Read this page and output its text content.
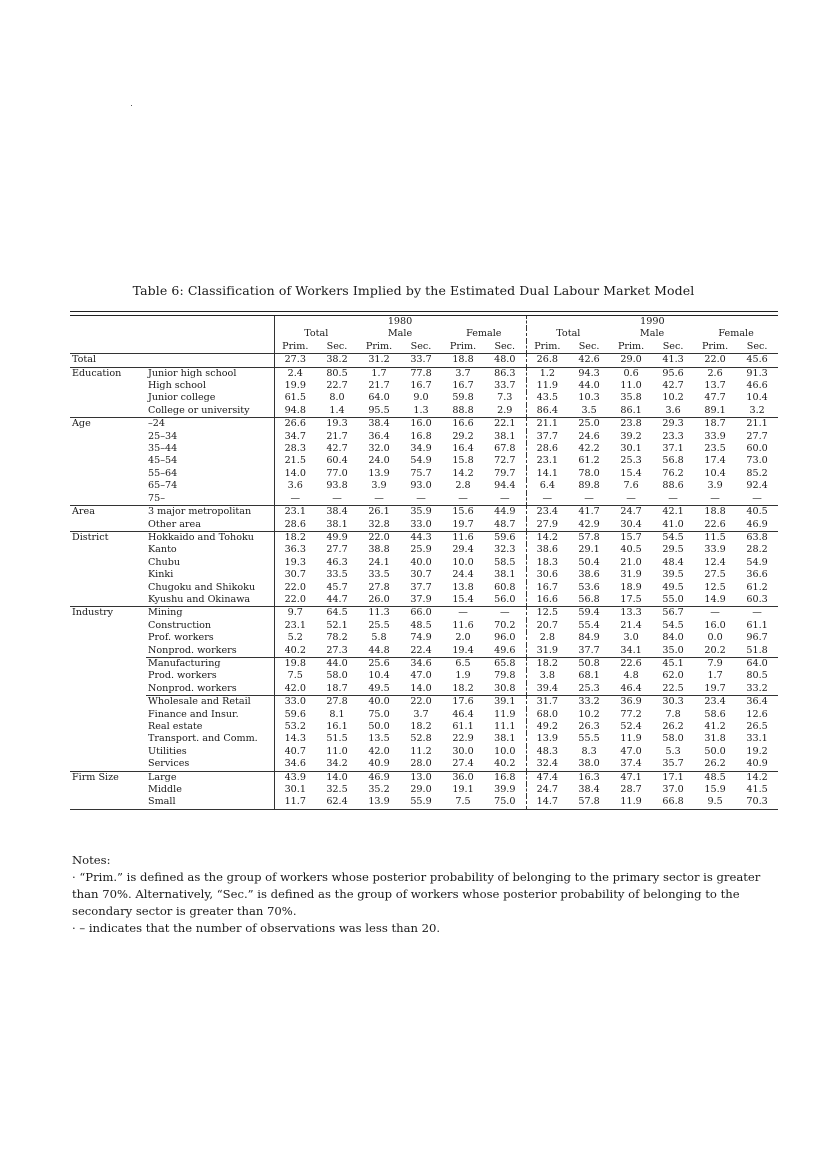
Table 6: Classification of Workers Implied by the Estimated Dual Labour Market Model
		1980						1990					
		Total		Male		Female		Total		Male		Female	
		Prim.	Sec.	Prim.	Sec.	Prim.	Sec.	Prim.	Sec.	Prim.	Sec.	Prim.	Sec.
Total		27.3	38.2	31.2	33.7	18.8	48.0	26.8	42.6	29.0	41.3	22.0	45.6
Education	Junior high school	2.4	80.5	1.7	77.8	3.7	86.3	1.2	94.3	0.6	95.6	2.6	91.3
	High school	19.9	22.7	21.7	16.7	16.7	33.7	11.9	44.0	11.0	42.7	13.7	46.6
	Junior college	61.5	8.0	64.0	9.0	59.8	7.3	43.5	10.3	35.8	10.2	47.7	10.4
	College or university	94.8	1.4	95.5	1.3	88.8	2.9	86.4	3.5	86.1	3.6	89.1	3.2
Age	–24	26.6	19.3	38.4	16.0	16.6	22.1	21.1	25.0	23.8	29.3	18.7	21.1
	25–34	34.7	21.7	36.4	16.8	29.2	38.1	37.7	24.6	39.2	23.3	33.9	27.7
	35–44	28.3	42.7	32.0	34.9	16.4	67.8	28.6	42.2	30.1	37.1	23.5	60.0
	45–54	21.5	60.4	24.0	54.9	15.8	72.7	23.1	61.2	25.3	56.8	17.4	73.0
	55–64	14.0	77.0	13.9	75.7	14.2	79.7	14.1	78.0	15.4	76.2	10.4	85.2
	65–74	3.6	93.8	3.9	93.0	2.8	94.4	6.4	89.8	7.6	88.6	3.9	92.4
	75–	—	—	—	—	—	—	—	—	—	—	—	—
Area	3 major metropolitan	23.1	38.4	26.1	35.9	15.6	44.9	23.4	41.7	24.7	42.1	18.8	40.5
	Other area	28.6	38.1	32.8	33.0	19.7	48.7	27.9	42.9	30.4	41.0	22.6	46.9
District	Hokkaido and Tohoku	18.2	49.9	22.0	44.3	11.6	59.6	14.2	57.8	15.7	54.5	11.5	63.8
	Kanto	36.3	27.7	38.8	25.9	29.4	32.3	38.6	29.1	40.5	29.5	33.9	28.2
	Chubu	19.3	46.3	24.1	40.0	10.0	58.5	18.3	50.4	21.0	48.4	12.4	54.9
	Kinki	30.7	33.5	33.5	30.7	24.4	38.1	30.6	38.6	31.9	39.5	27.5	36.6
	Chugoku and Shikoku	22.0	45.7	27.8	37.7	13.8	60.8	16.7	53.6	18.9	49.5	12.5	61.2
	Kyushu and Okinawa	22.0	44.7	26.0	37.9	15.4	56.0	16.6	56.8	17.5	55.0	14.9	60.3
Industry	Mining	9.7	64.5	11.3	66.0	—	—	12.5	59.4	13.3	56.7	—	—
	Construction	23.1	52.1	25.5	48.5	11.6	70.2	20.7	55.4	21.4	54.5	16.0	61.1
	Prof. workers	5.2	78.2	5.8	74.9	2.0	96.0	2.8	84.9	3.0	84.0	0.0	96.7
	Nonprod. workers	40.2	27.3	44.8	22.4	19.4	49.6	31.9	37.7	34.1	35.0	20.2	51.8
	Manufacturing	19.8	44.0	25.6	34.6	6.5	65.8	18.2	50.8	22.6	45.1	7.9	64.0
	Prod. workers	7.5	58.0	10.4	47.0	1.9	79.8	3.8	68.1	4.8	62.0	1.7	80.5
	Nonprod. workers	42.0	18.7	49.5	14.0	18.2	30.8	39.4	25.3	46.4	22.5	19.7	33.2
	Wholesale and Retail	33.0	27.8	40.0	22.0	17.6	39.1	31.7	33.2	36.9	30.3	23.4	36.4
	Finance and Insur.	59.6	8.1	75.0	3.7	46.4	11.9	68.0	10.2	77.2	7.8	58.6	12.6
	Real estate	53.2	16.1	50.0	18.2	61.1	11.1	49.2	26.3	52.4	26.2	41.2	26.5
	Transport. and Comm.	14.3	51.5	13.5	52.8	22.9	38.1	13.9	55.5	11.9	58.0	31.8	33.1
	Utilities	40.7	11.0	42.0	11.2	30.0	10.0	48.3	8.3	47.0	5.3	50.0	19.2
	Services	34.6	34.2	40.9	28.0	27.4	40.2	32.4	38.0	37.4	35.7	26.2	40.9
Firm Size	Large	43.9	14.0	46.9	13.0	36.0	16.8	47.4	16.3	47.1	17.1	48.5	14.2
	Middle	30.1	32.5	35.2	29.0	19.1	39.9	24.7	38.4	28.7	37.0	15.9	41.5
	Small	11.7	62.4	13.9	55.9	7.5	75.0	14.7	57.8	11.9	66.8	9.5	70.3

Notes:

· “Prim.” is defined as the group of workers whose posterior probability of belonging to the primary sector is greater than 70%. Alternatively, “Sec.” is defined as the group of workers whose posterior probability of belonging to the secondary sector is greater than 70%.

· – indicates that the number of observations was less than 20.
